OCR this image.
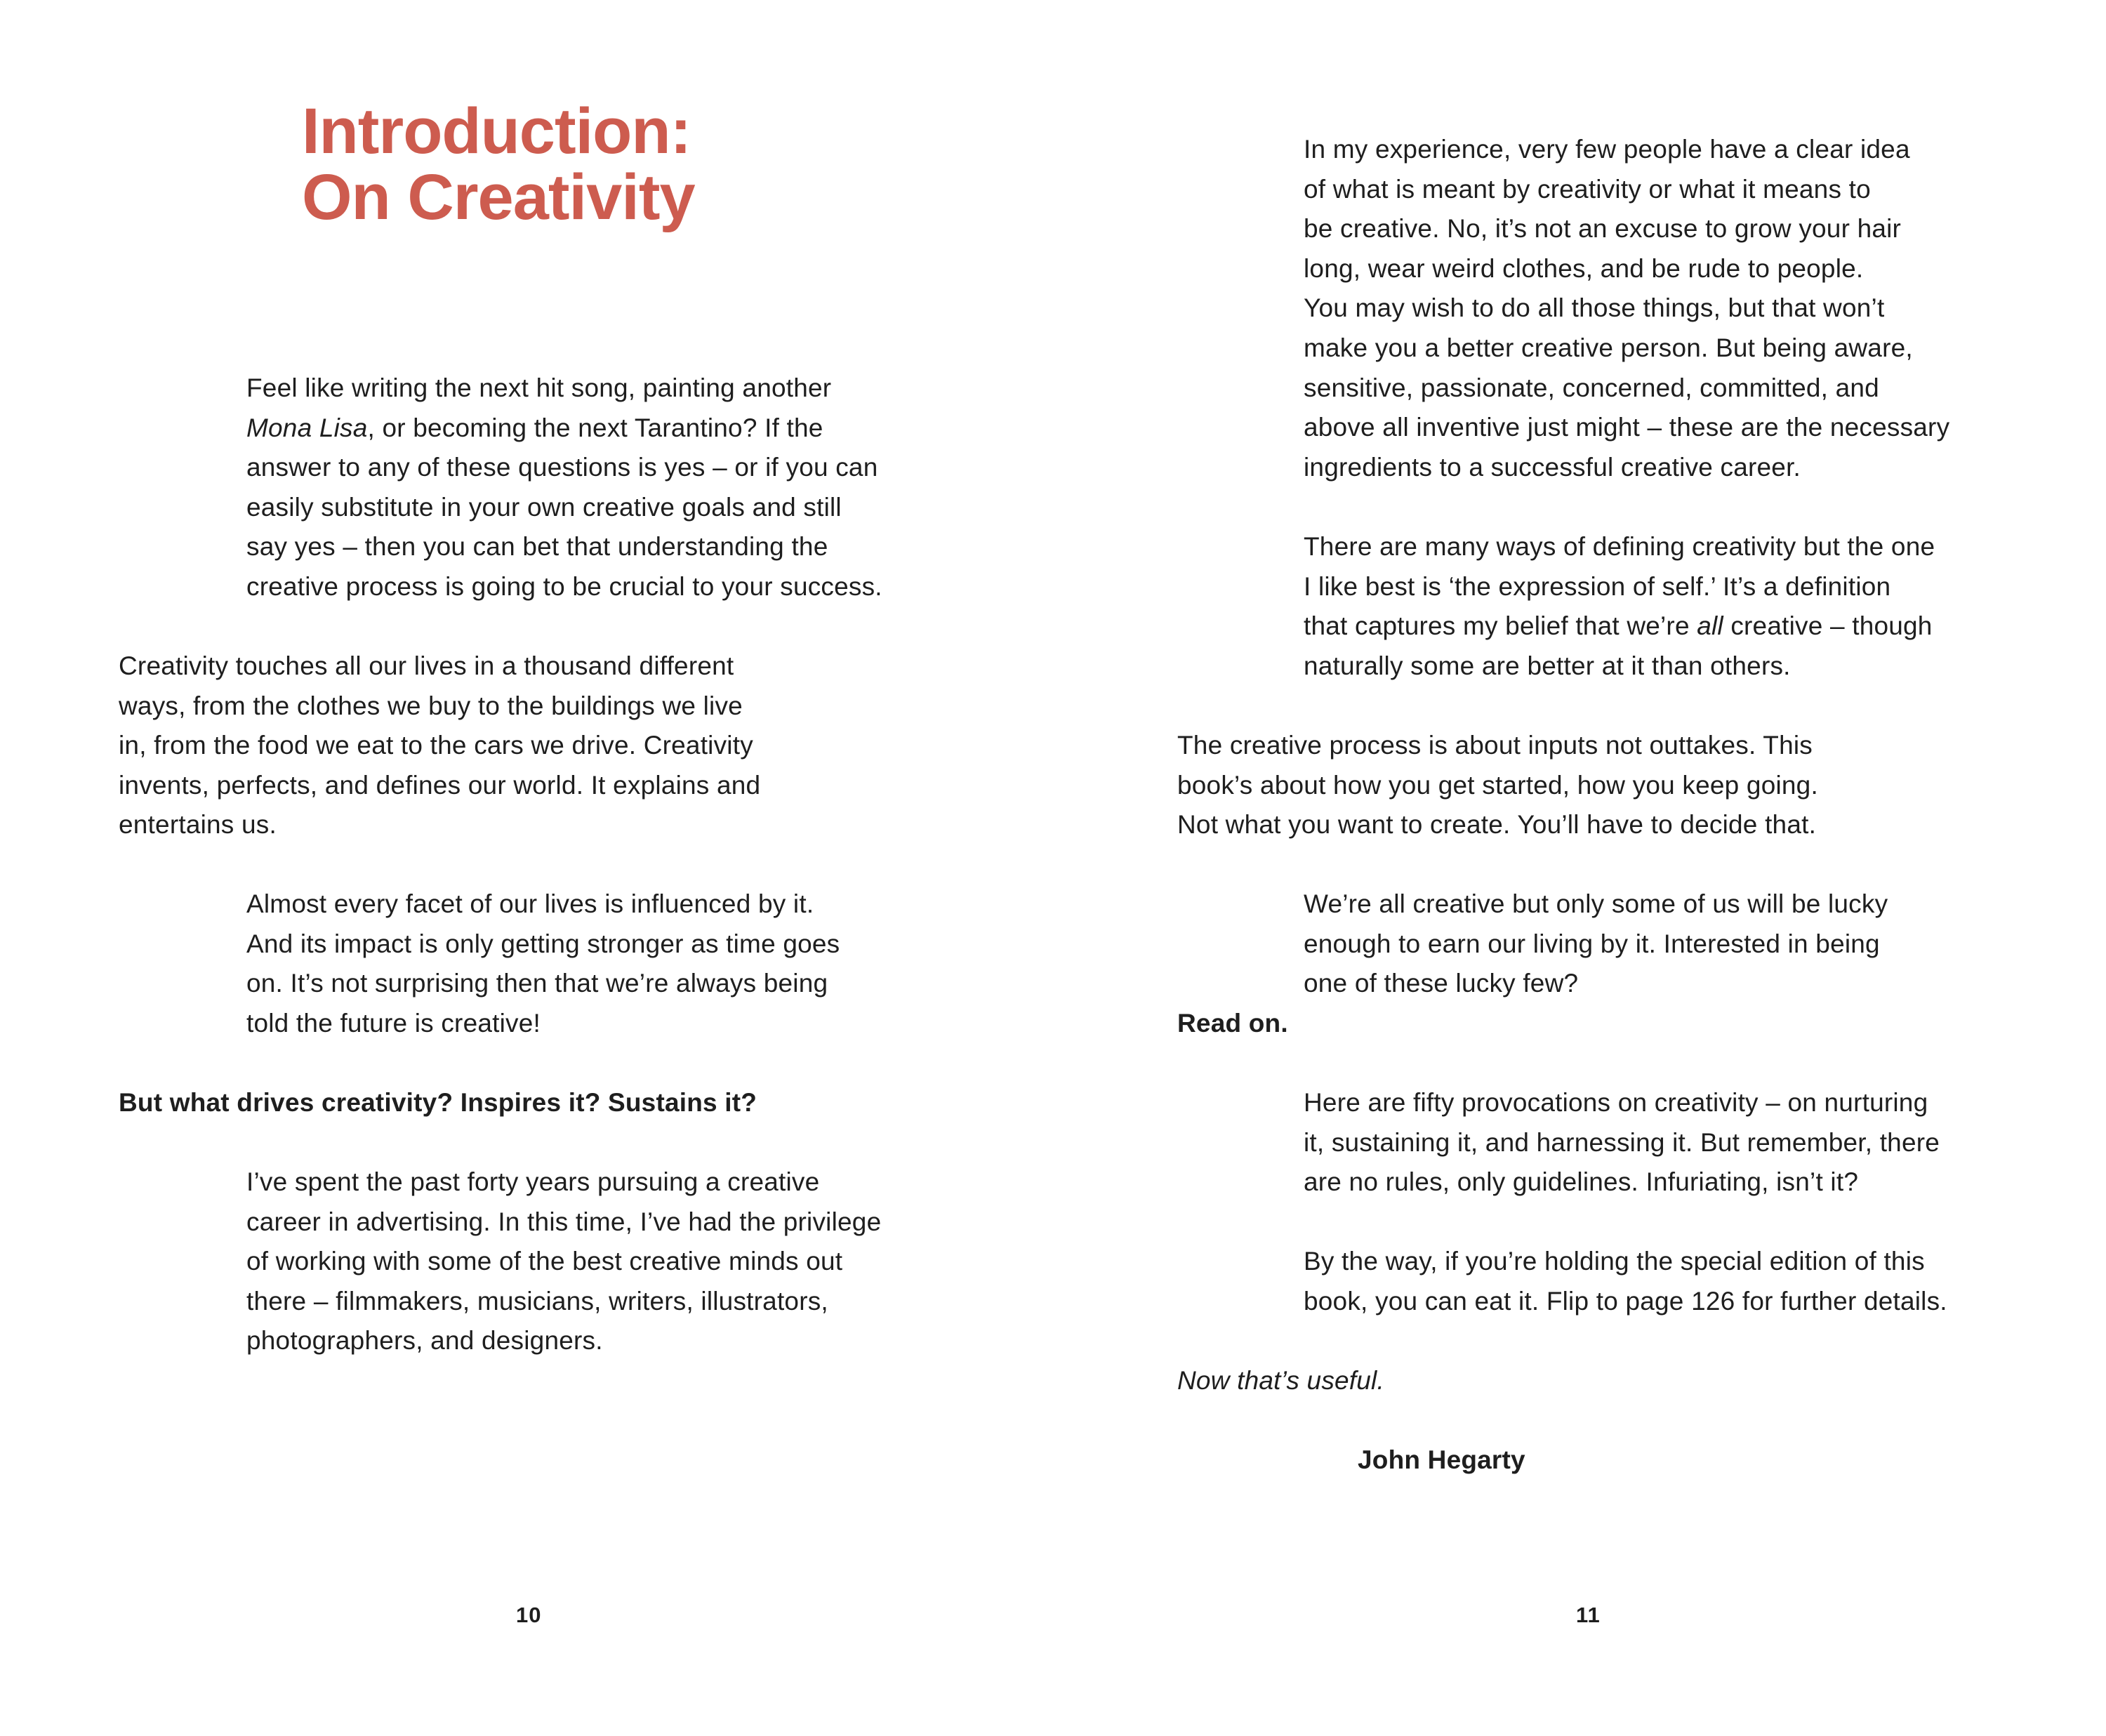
Introduction:
On Creativity

Feel like writing the next hit song, painting another
Mona Lisa, or becoming the next Tarantino? If the
answer to any of these questions is yes – or if you can
easily substitute in your own creative goals and still
say yes – then you can bet that understanding the
creative process is going to be crucial to your success.

Creativity touches all our lives in a thousand different
ways, from the clothes we buy to the buildings we live
in, from the food we eat to the cars we drive. Creativity
invents, perfects, and defines our world. It explains and
entertains us.

Almost every facet of our lives is influenced by it.
And its impact is only getting stronger as time goes
on. It’s not surprising then that we’re always being
told the future is creative!

But what drives creativity? Inspires it? Sustains it?

I’ve spent the past forty years pursuing a creative
career in advertising. In this time, I’ve had the privilege
of working with some of the best creative minds out
there – filmmakers, musicians, writers, illustrators,
photographers, and designers.

10

In my experience, very few people have a clear idea
of what is meant by creativity or what it means to
be creative. No, it’s not an excuse to grow your hair
long, wear weird clothes, and be rude to people.
You may wish to do all those things, but that won’t
make you a better creative person. But being aware,
sensitive, passionate, concerned, committed, and
above all inventive just might – these are the necessary
ingredients to a successful creative career.

There are many ways of defining creativity but the one
I like best is ‘the expression of self.’ It’s a definition
that captures my belief that we’re all creative – though
naturally some are better at it than others.

The creative process is about inputs not outtakes. This
book’s about how you get started, how you keep going.
Not what you want to create. You’ll have to decide that.

We’re all creative but only some of us will be lucky
enough to earn our living by it. Interested in being
one of these lucky few?

Read on.

Here are fifty provocations on creativity – on nurturing
it, sustaining it, and harnessing it. But remember, there
are no rules, only guidelines. Infuriating, isn’t it?

By the way, if you’re holding the special edition of this
book, you can eat it. Flip to page 126 for further details.

Now that’s useful.

John Hegarty

11
